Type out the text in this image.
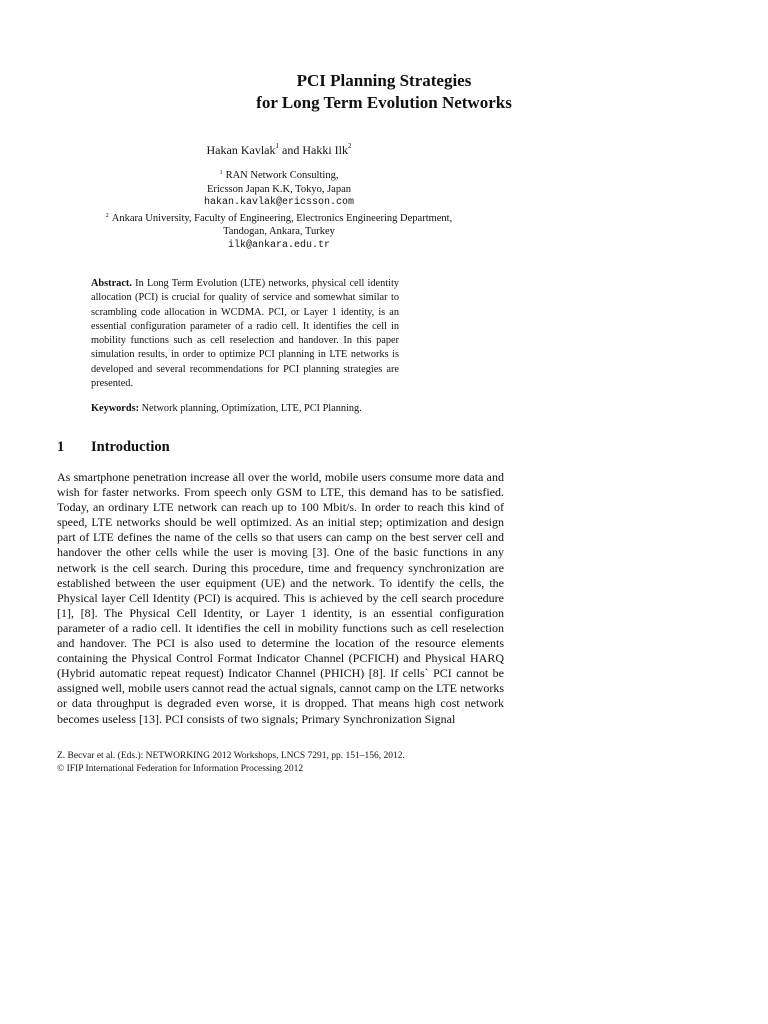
PCI Planning Strategies
for Long Term Evolution Networks
Hakan Kavlak$^1$ and Hakki Ilk$^2$
$^1$ RAN Network Consulting,
Ericsson Japan K.K, Tokyo, Japan
hakan.kavlak@ericsson.com
$^2$ Ankara University, Faculty of Engineering, Electronics Engineering Department,
Tandogan, Ankara, Turkey
ilk@ankara.edu.tr
Abstract. In Long Term Evolution (LTE) networks, physical cell identity allocation (PCI) is crucial for quality of service and somewhat similar to scrambling code allocation in WCDMA. PCI, or Layer 1 identity, is an essential configuration parameter of a radio cell. It identifies the cell in mobility functions such as cell reselection and handover. In this paper simulation results, in order to optimize PCI planning in LTE networks is developed and several recommendations for PCI planning strategies are presented.
Keywords: Network planning, Optimization, LTE, PCI Planning.
1 Introduction
As smartphone penetration increase all over the world, mobile users consume more data and wish for faster networks. From speech only GSM to LTE, this demand has to be satisfied. Today, an ordinary LTE network can reach up to 100 Mbit/s. In order to reach this kind of speed, LTE networks should be well optimized. As an initial step; optimization and design part of LTE defines the name of the cells so that users can camp on the best server cell and handover the other cells while the user is moving [3]. One of the basic functions in any network is the cell search. During this procedure, time and frequency synchronization are established between the user equipment (UE) and the network. To identify the cells, the Physical layer Cell Identity (PCI) is acquired. This is achieved by the cell search procedure [1], [8]. The Physical Cell Identity, or Layer 1 identity, is an essential configuration parameter of a radio cell. It identifies the cell in mobility functions such as cell reselection and handover. The PCI is also used to determine the location of the resource elements containing the Physical Control Format Indicator Channel (PCFICH) and Physical HARQ (Hybrid automatic repeat request) Indicator Channel (PHICH) [8]. If cells` PCI cannot be assigned well, mobile users cannot read the actual signals, cannot camp on the LTE networks or data throughput is degraded even worse, it is dropped. That means high cost network becomes useless [13]. PCI consists of two signals; Primary Synchronization Signal
Z. Becvar et al. (Eds.): NETWORKING 2012 Workshops, LNCS 7291, pp. 151–156, 2012.
© IFIP International Federation for Information Processing 2012
